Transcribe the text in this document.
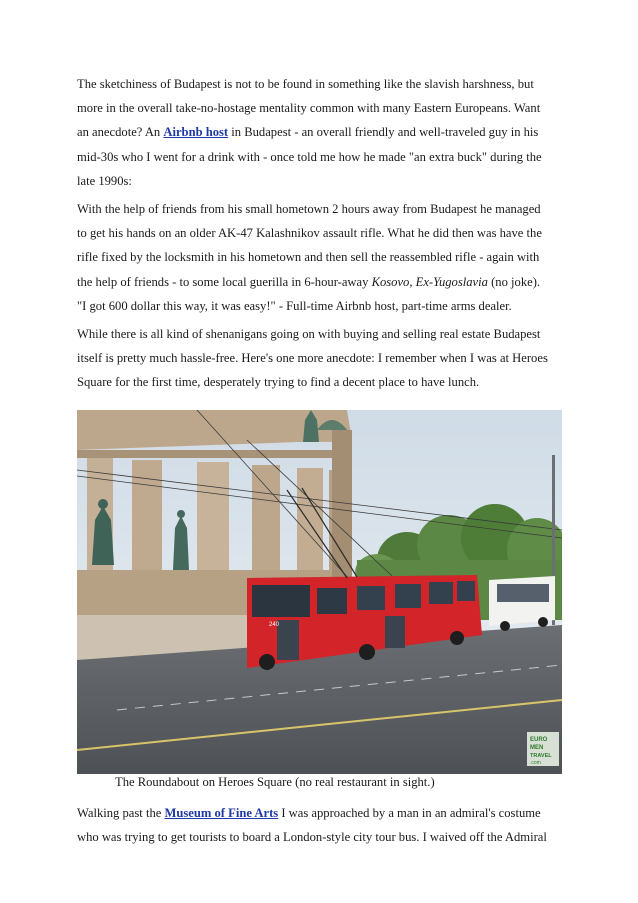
The sketchiness of Budapest is not to be found in something like the slavish harshness, but
more in the overall take-no-hostage mentality common with many Eastern Europeans. Want
an anecdote? An Airbnb host in Budapest - an overall friendly and well-traveled guy in his
mid-30s who I went for a drink with - once told me how he made "an extra buck" during the
late 1990s:

With the help of friends from his small hometown 2 hours away from Budapest he managed
to get his hands on an older AK-47 Kalashnikov assault rifle. What he did then was have the
rifle fixed by the locksmith in his hometown and then sell the reassembled rifle - again with
the help of friends - to some local guerilla in 6-hour-away Kosovo, Ex-Yugoslavia (no joke).
"I got 600 dollar this way, it was easy!" - Full-time Airbnb host, part-time arms dealer.

While there is all kind of shenanigans going on with buying and selling real estate Budapest
itself is pretty much hassle-free. Here's one more anecdote: I remember when I was at Heroes
Square for the first time, desperately trying to find a decent place to have lunch.

240
EURO
MEN
TRAVEL
.com

The Roundabout on Heroes Square (no real restaurant in sight.)

Walking past the Museum of Fine Arts I was approached by a man in an admiral's costume
who was trying to get tourists to board a London-style city tour bus. I waived off the Admiral
